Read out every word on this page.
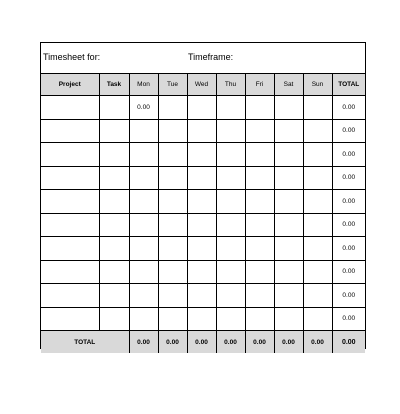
Timesheet for:	Timeframe:
Project	Task	Mon	Tue	Wed	Thu	Fri	Sat	Sun	TOTAL
		0.00							0.00
									0.00
									0.00
									0.00
									0.00
									0.00
									0.00
									0.00
									0.00
									0.00
TOTAL		0.00	0.00	0.00	0.00	0.00	0.00	0.00	0.00
